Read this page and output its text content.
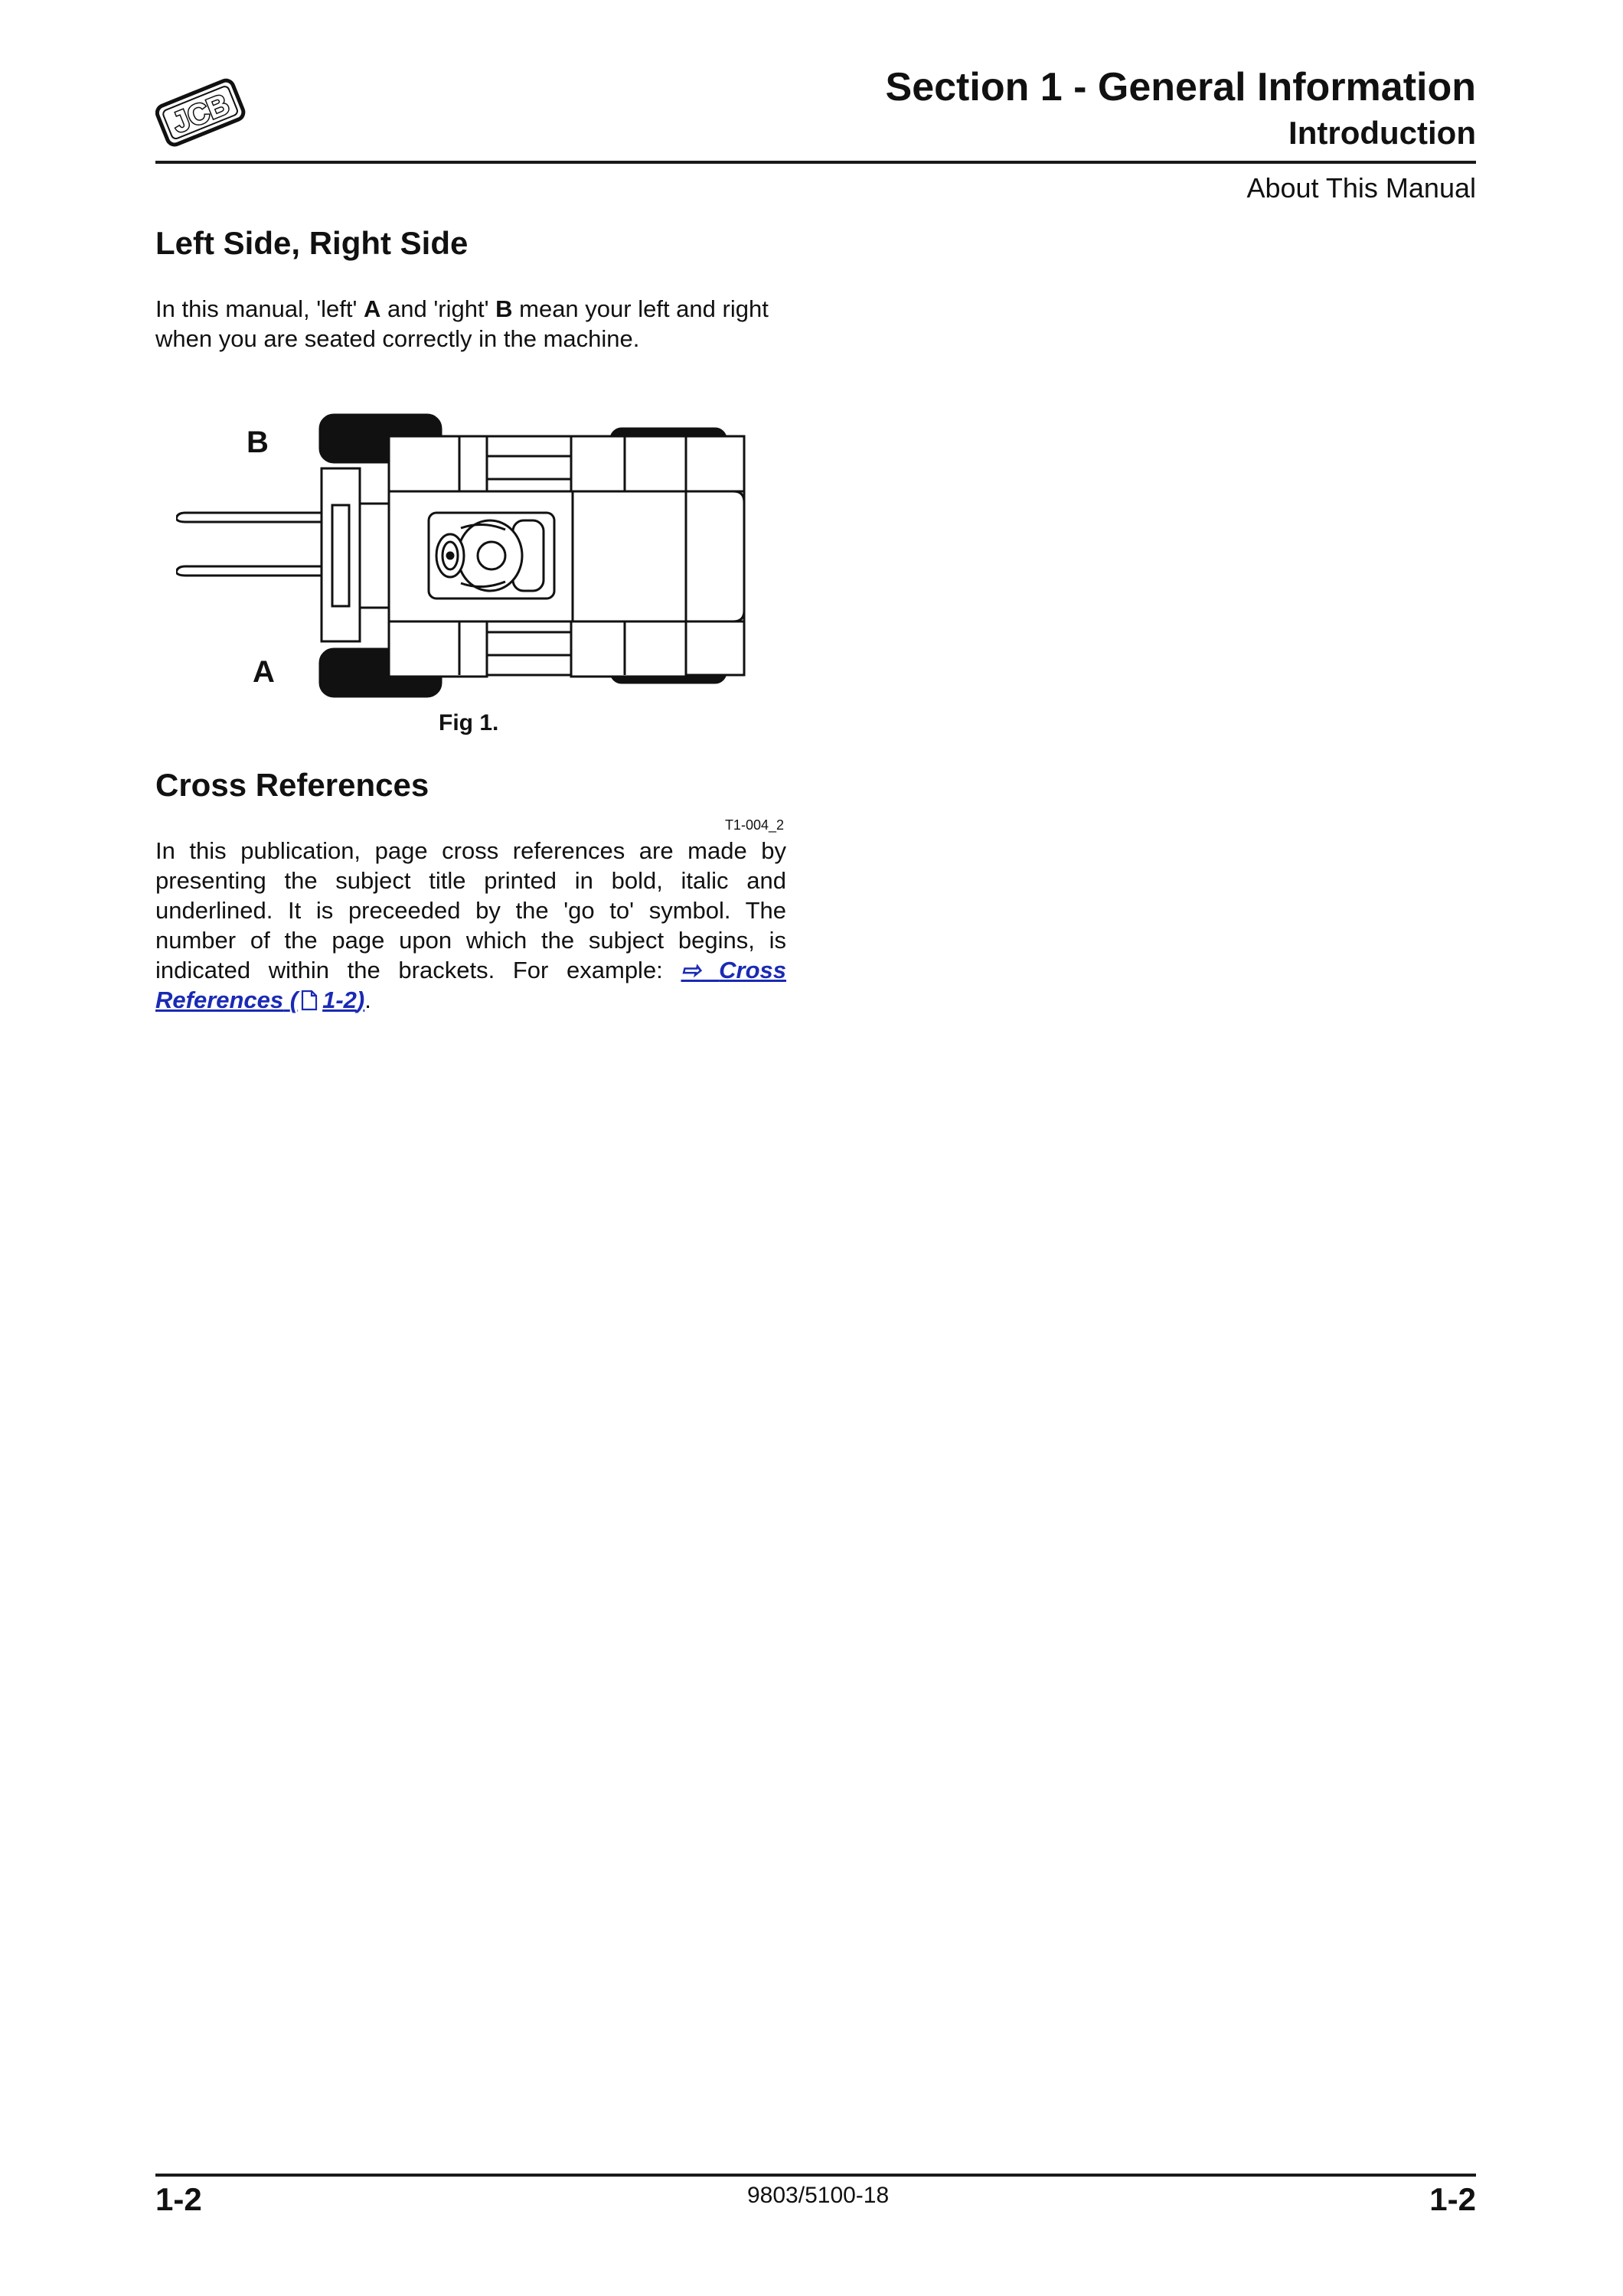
JCB
Section 1 - General Information
Introduction
About This Manual
Left Side, Right Side
In this manual, 'left' A and 'right' B mean your left and right when you are seated correctly in the machine.
B
A
Fig 1.
Cross References
T1-004_2
In this publication, page cross references are made by presenting the subject title printed in bold, italic and underlined. It is preceeded by the 'go to' symbol. The number of the page upon which the subject begins, is indicated within the brackets. For example: ⇨ Cross References ( 1-2).
1-2	9803/5100-18	1-2
